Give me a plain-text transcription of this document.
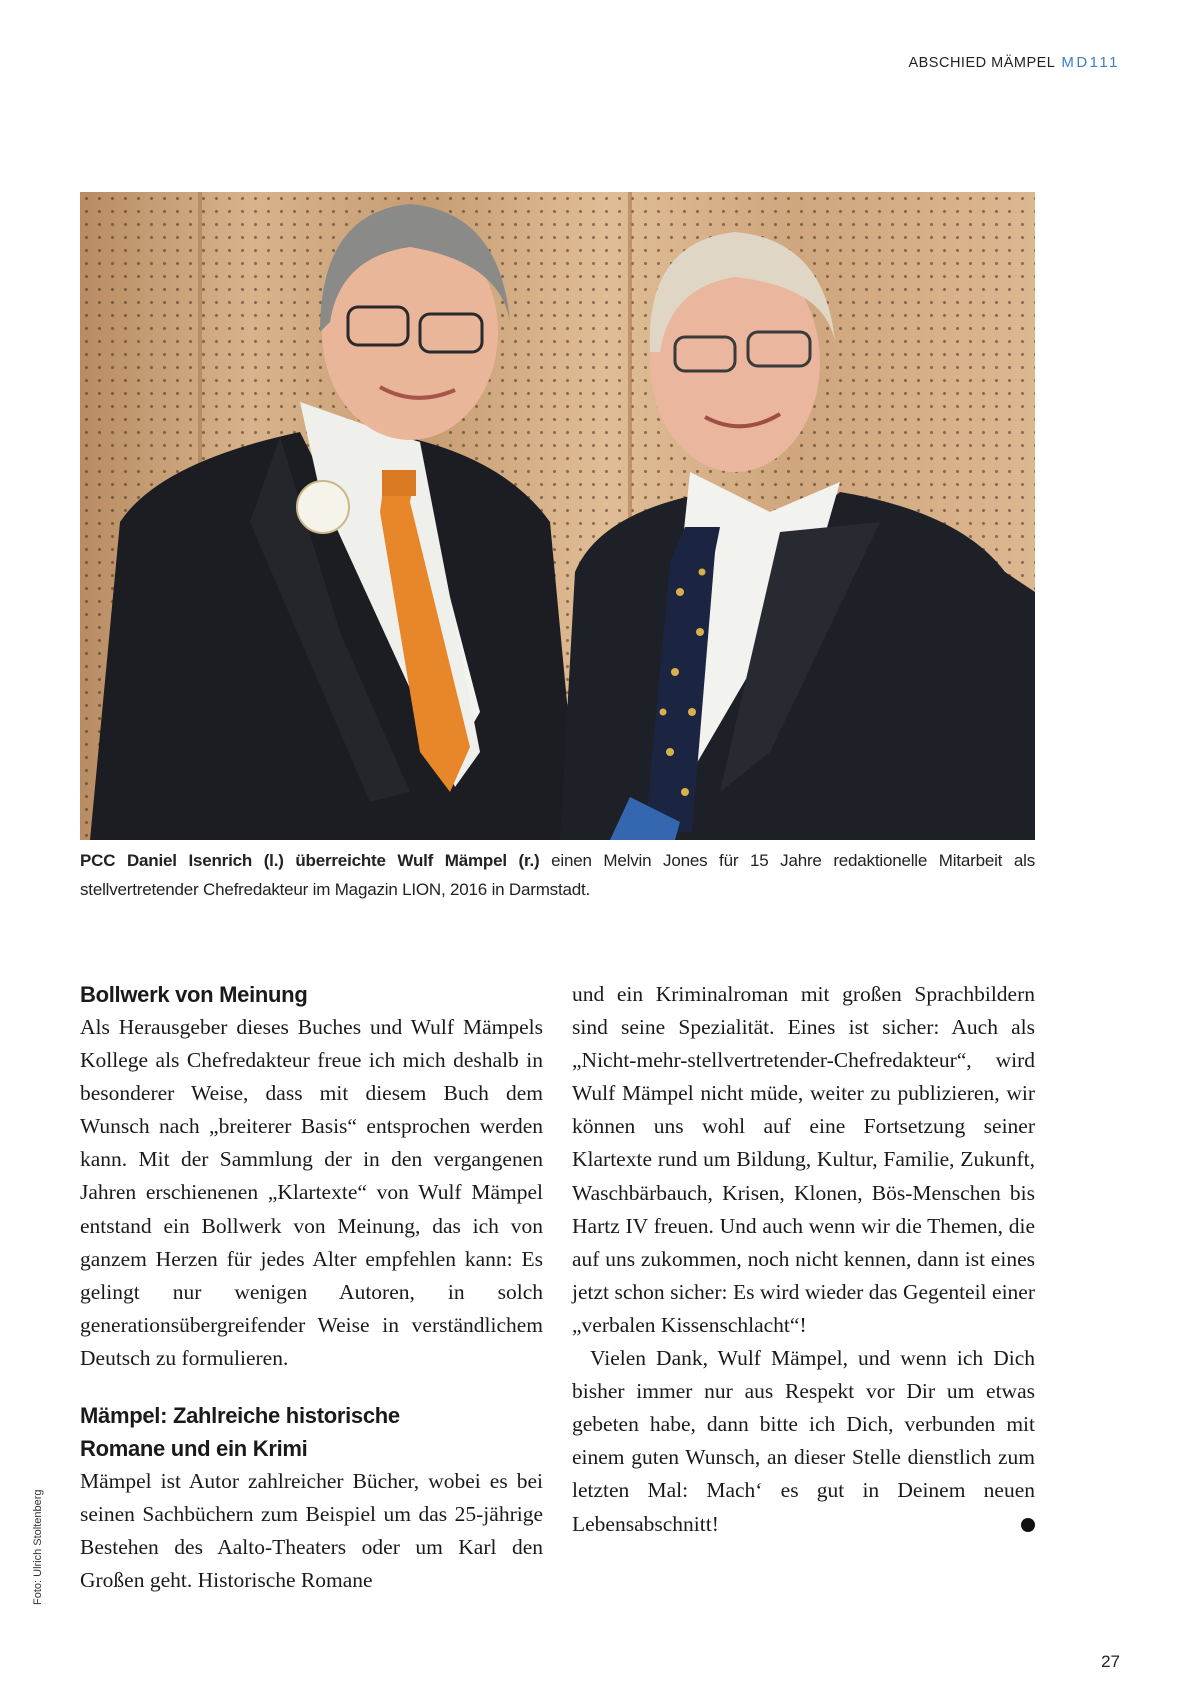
ABSCHIED MÄMPEL MD111
PCC Daniel Isenrich (l.) überreichte Wulf Mämpel (r.) einen Melvin Jones für 15 Jahre redaktionelle Mitarbeit als stellvertretender Chefredakteur im Magazin LION, 2016 in Darmstadt.
Bollwerk von Meinung

Als Herausgeber dieses Buches und Wulf Mämpels Kollege als Chefredakteur freue ich mich deshalb in besonderer Weise, dass mit diesem Buch dem Wunsch nach „breiterer Basis“ entsprochen werden kann. Mit der Sammlung der in den vergangenen Jahren erschienenen „Klartexte“ von Wulf Mämpel entstand ein Bollwerk von Meinung, das ich von ganzem Herzen für jedes Alter empfehlen kann: Es gelingt nur wenigen Autoren, in solch generationsübergreifender Weise in verständlichem Deutsch zu formulieren.

Mämpel: Zahlreiche historische
Romane und ein Krimi

Mämpel ist Autor zahlreicher Bücher, wobei es bei seinen Sachbüchern zum Beispiel um das 25-jährige Bestehen des Aalto-Theaters oder um Karl den Großen geht. Historische Romane

und ein Kriminalroman mit großen Sprachbildern sind seine Spezialität. Eines ist sicher: Auch als „Nicht-mehr-stellvertretender-Chefredakteur“, wird Wulf Mämpel nicht müde, weiter zu publizieren, wir können uns wohl auf eine Fortsetzung seiner Klartexte rund um Bildung, Kultur, Familie, Zukunft, Waschbärbauch, Krisen, Klonen, Bös-Menschen bis Hartz IV freuen. Und auch wenn wir die Themen, die auf uns zukommen, noch nicht kennen, dann ist eines jetzt schon sicher: Es wird wieder das Gegenteil einer „verbalen Kissenschlacht“!

Vielen Dank, Wulf Mämpel, und wenn ich Dich bisher immer nur aus Respekt vor Dir um etwas gebeten habe, dann bitte ich Dich, verbunden mit einem guten Wunsch, an dieser Stelle dienstlich zum letzten Mal: Mach‘ es gut in Deinem neuen Lebensabschnitt!	L

Foto: Ulrich Stoltenberg
27
